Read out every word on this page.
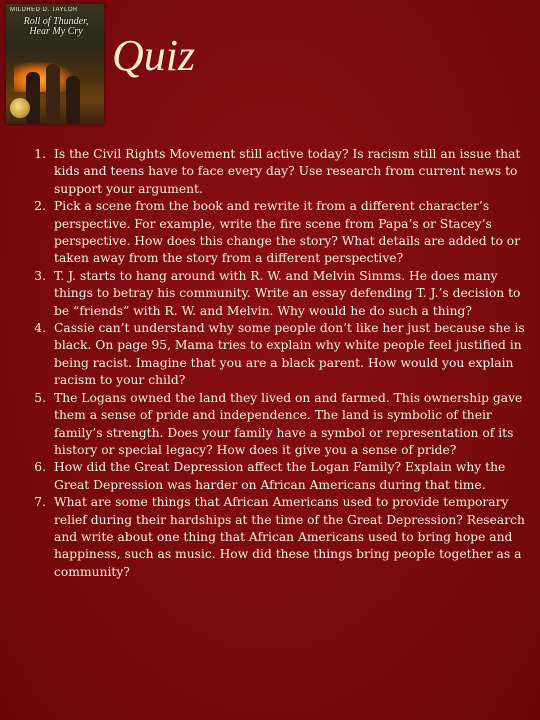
MILDRED D. TAYLOR
Roll of Thunder, Hear My Cry Quiz
1. Is the Civil Rights Movement still active today? Is racism still an issue that kids and teens have to face every day? Use research from current news to support your argument.
2. Pick a scene from the book and rewrite it from a different character’s perspective. For example, write the fire scene from Papa’s or Stacey’s perspective. How does this change the story? What details are added to or taken away from the story from a different perspective?
3. T. J. starts to hang around with R. W. and Melvin Simms. He does many things to betray his community. Write an essay defending T. J.’s decision to be “friends” with R. W. and Melvin. Why would he do such a thing?
4. Cassie can’t understand why some people don’t like her just because she is black. On page 95, Mama tries to explain why white people feel justified in being racist. Imagine that you are a black parent. How would you explain racism to your child?
5. The Logans owned the land they lived on and farmed. This ownership gave them a sense of pride and independence. The land is symbolic of their family’s strength. Does your family have a symbol or representation of its history or special legacy? How does it give you a sense of pride?
6. How did the Great Depression affect the Logan Family? Explain why the Great Depression was harder on African Americans during that time.
7. What are some things that African Americans used to provide temporary relief during their hardships at the time of the Great Depression? Research and write about one thing that African Americans used to bring hope and happiness, such as music. How did these things bring people together as a community?
